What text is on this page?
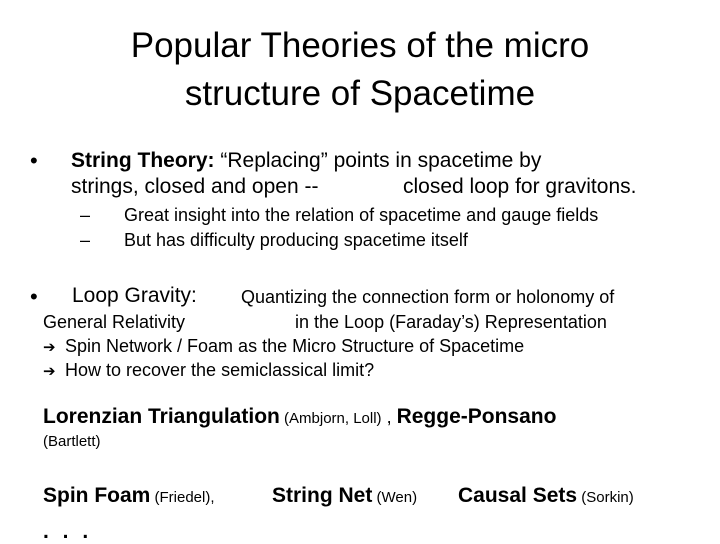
Popular Theories of the micro
structure of Spacetime
• String Theory: “Replacing” points in spacetime by
strings, closed and open --	closed loop for gravitons.
– Great insight into the relation of spacetime and gauge fields
– But has difficulty producing spacetime itself
• Loop Gravity: Quantizing the connection form or holonomy of
General Relativity	in the Loop (Faraday’s) Representation
➔ Spin Network / Foam as the Micro Structure of Spacetime
➔ How to recover the semiclassical limit?
Lorenzian Triangulation (Ambjorn, Loll) , Regge-Ponsano
(Bartlett)
Spin Foam (Friedel),	String Net (Wen) Causal Sets (Sorkin)
. . .
